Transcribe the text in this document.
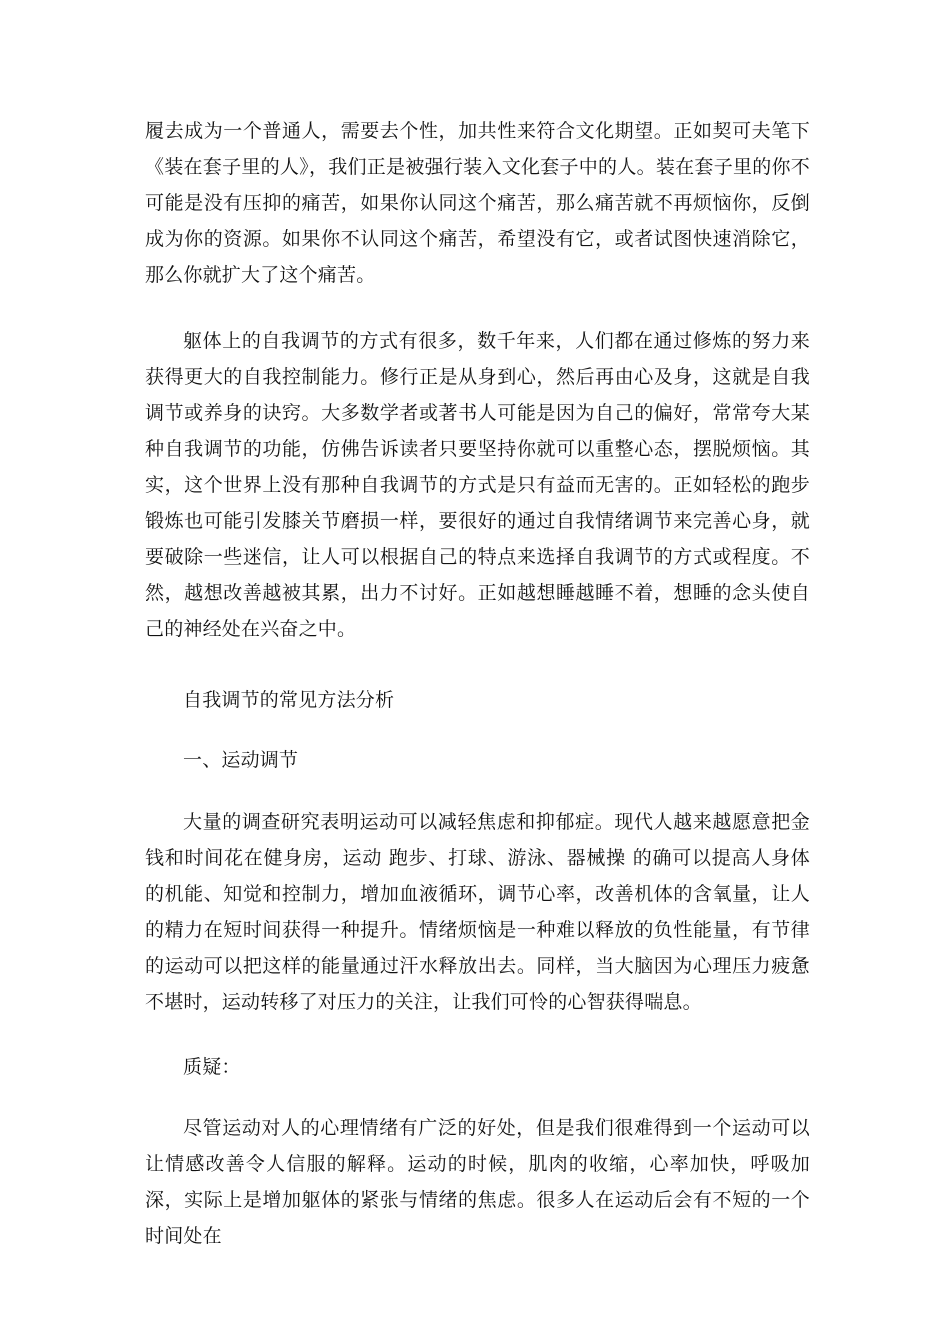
履去成为一个普通人，需要去个性，加共性来符合文化期望。正如契可夫笔下《装在套子里的人》，我们正是被强行装入文化套子中的人。装在套子里的你不可能是没有压抑的痛苦，如果你认同这个痛苦，那么痛苦就不再烦恼你，反倒成为你的资源。如果你不认同这个痛苦，希望没有它，或者试图快速消除它，那么你就扩大了这个痛苦。

躯体上的自我调节的方式有很多，数千年来，人们都在通过修炼的努力来获得更大的自我控制能力。修行正是从身到心，然后再由心及身，这就是自我调节或养身的诀窍。大多数学者或著书人可能是因为自己的偏好，常常夸大某种自我调节的功能，仿佛告诉读者只要坚持你就可以重整心态，摆脱烦恼。其实，这个世界上没有那种自我调节的方式是只有益而无害的。正如轻松的跑步锻炼也可能引发膝关节磨损一样，要很好的通过自我情绪调节来完善心身，就要破除一些迷信，让人可以根据自己的特点来选择自我调节的方式或程度。不然，越想改善越被其累，出力不讨好。正如越想睡越睡不着，想睡的念头使自己的神经处在兴奋之中。

自我调节的常见方法分析

一、运动调节

大量的调查研究表明运动可以减轻焦虑和抑郁症。现代人越来越愿意把金钱和时间花在健身房，运动 跑步、打球、游泳、器械操 的确可以提高人身体的机能、知觉和控制力，增加血液循环，调节心率，改善机体的含氧量，让人的精力在短时间获得一种提升。情绪烦恼是一种难以释放的负性能量，有节律的运动可以把这样的能量通过汗水释放出去。同样，当大脑因为心理压力疲惫不堪时，运动转移了对压力的关注，让我们可怜的心智获得喘息。

质疑：

尽管运动对人的心理情绪有广泛的好处，但是我们很难得到一个运动可以让情感改善令人信服的解释。运动的时候，肌肉的收缩，心率加快，呼吸加深，实际上是增加躯体的紧张与情绪的焦虑。很多人在运动后会有不短的一个时间处在
